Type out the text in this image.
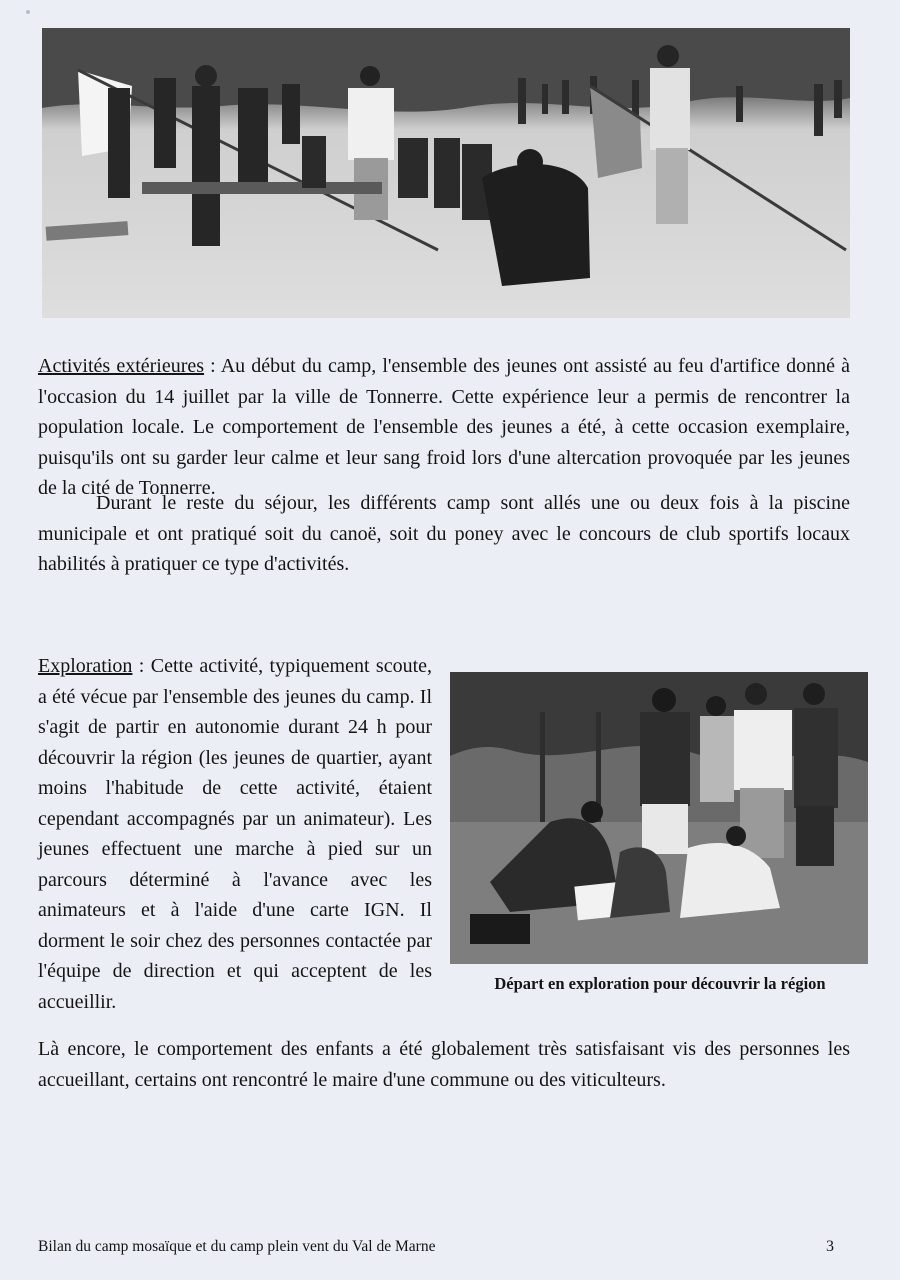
Activités extérieures : Au début du camp, l'ensemble des jeunes ont assisté au feu d'artifice donné à l'occasion du 14 juillet par la ville de Tonnerre. Cette expérience leur a permis de rencontrer la population locale. Le comportement de l'ensemble des jeunes a été, à cette occasion exemplaire, puisqu'ils ont su garder leur calme et leur sang froid lors d'une altercation provoquée par les jeunes de la cité de Tonnerre.

Durant le reste du séjour, les différents camp sont allés une ou deux fois à la piscine municipale et ont pratiqué soit du canoë, soit du poney avec le concours de club sportifs locaux habilités à pratiquer ce type d'activités.

Exploration : Cette activité, typiquement scoute, a été vécue par l'ensemble des jeunes du camp. Il s'agit de partir en autonomie durant 24 h pour découvrir la région (les jeunes de quartier, ayant moins l'habitude de cette activité, étaient cependant accompagnés par un animateur). Les jeunes effectuent une marche à pied sur un parcours déterminé à l'avance avec les animateurs et à l'aide d'une carte IGN. Il dorment le soir chez des personnes contactée par l'équipe de direction et qui acceptent de les accueillir.

Départ en exploration pour découvrir la région

Là encore, le comportement des enfants a été globalement très satisfaisant vis des personnes les accueillant, certains ont rencontré le maire d'une commune ou des viticulteurs.

Bilan du camp mosaïque et du camp plein vent du Val de Marne	3
